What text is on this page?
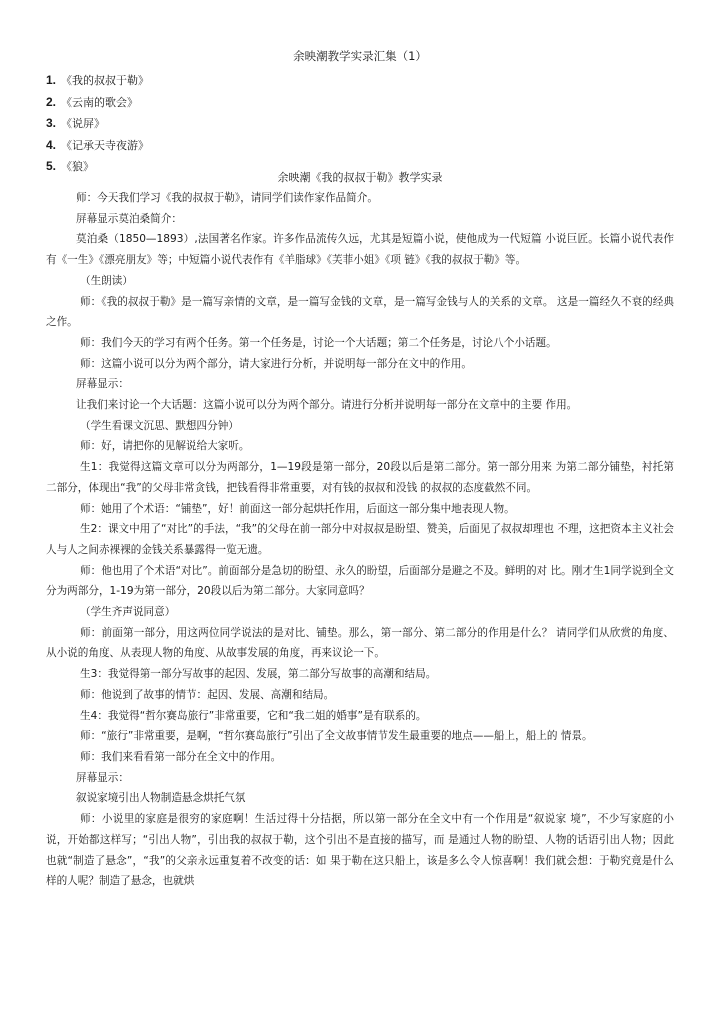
余映潮教学实录汇集（1）
1. 《我的叔叔于勒》
2. 《云南的歌会》
3. 《说屏》
4. 《记承天寺夜游》
5. 《狼》
余映潮《我的叔叔于勒》教学实录

师：今天我们学习《我的叔叔于勒》，请同学们读作家作品简介。

屏幕显示莫泊桑简介：

莫泊桑（1850—1893）,法国著名作家。许多作品流传久远，尤其是短篇小说，使他成为一代短篇 小说巨匠。长篇小说代表作有《一生》《漂亮朋友》等；中短篇小说代表作有《羊脂球》《芙菲小姐》《项 链》《我的叔叔于勒》等。

（生朗读）

师：《我的叔叔于勒》是一篇写亲情的文章，是一篇写金钱的文章，是一篇写金钱与人的关系的文章。 这是一篇经久不衰的经典之作。

师：我们今天的学习有两个任务。第一个任务是，讨论一个大话题；第二个任务是，讨论八个小话题。

师：这篇小说可以分为两个部分，请大家进行分析，并说明每一部分在文中的作用。

屏幕显示：

让我们来讨论一个大话题：这篇小说可以分为两个部分。请进行分析并说明每一部分在文章中的主要 作用。

（学生看课文沉思、默想四分钟）

师：好，请把你的见解说给大家听。

生1：我觉得这篇文章可以分为两部分，1—19段是第一部分，20段以后是第二部分。第一部分用来 为第二部分铺垫，衬托第二部分，体现出“我”的父母非常贪钱，把钱看得非常重要，对有钱的叔叔和没钱 的叔叔的态度截然不同。

师：她用了个术语：“铺垫”，好！前面这一部分起烘托作用，后面这一部分集中地表现人物。

生2：课文中用了“对比”的手法，“我”的父母在前一部分中对叔叔是盼望、赞美，后面见了叔叔却理也 不理，这把资本主义社会人与人之间赤裸裸的金钱关系暴露得一览无遗。

师：他也用了个术语“对比”。前面部分是急切的盼望、永久的盼望，后面部分是避之不及。鲜明的对 比。刚才生1同学说到全文分为两部分，1-19为第一部分，20段以后为第二部分。大家同意吗？

（学生齐声说同意）

师：前面第一部分，用这两位同学说法的是对比、铺垫。那么，第一部分、第二部分的作用是什么？ 请同学们从欣赏的角度、从小说的角度、从表现人物的角度、从故事发展的角度，再来议论一下。

生3：我觉得第一部分写故事的起因、发展，第二部分写故事的高潮和结局。

师：他说到了故事的情节：起因、发展、高潮和结局。

生4：我觉得“哲尔赛岛旅行”非常重要，它和“我二姐的婚事”是有联系的。

师：“旅行”非常重要，是啊，“哲尔赛岛旅行”引出了全文故事情节发生最重要的地点——船上，船上的 情景。

师：我们来看看第一部分在全文中的作用。

屏幕显示：

叙说家境引出人物制造悬念烘托气氛

师：小说里的家庭是很穷的家庭啊！生活过得十分拮据，所以第一部分在全文中有一个作用是“叙说家 境”，不少写家庭的小说，开始都这样写；“引出人物”，引出我的叔叔于勒，这个引出不是直接的描写，而 是通过人物的盼望、人物的话语引出人物；因此也就“制造了悬念”，“我”的父亲永远重复着不改变的话：如 果于勒在这只船上，该是多么令人惊喜啊！我们就会想：于勒究竟是什么样的人呢？制造了悬念，也就烘
